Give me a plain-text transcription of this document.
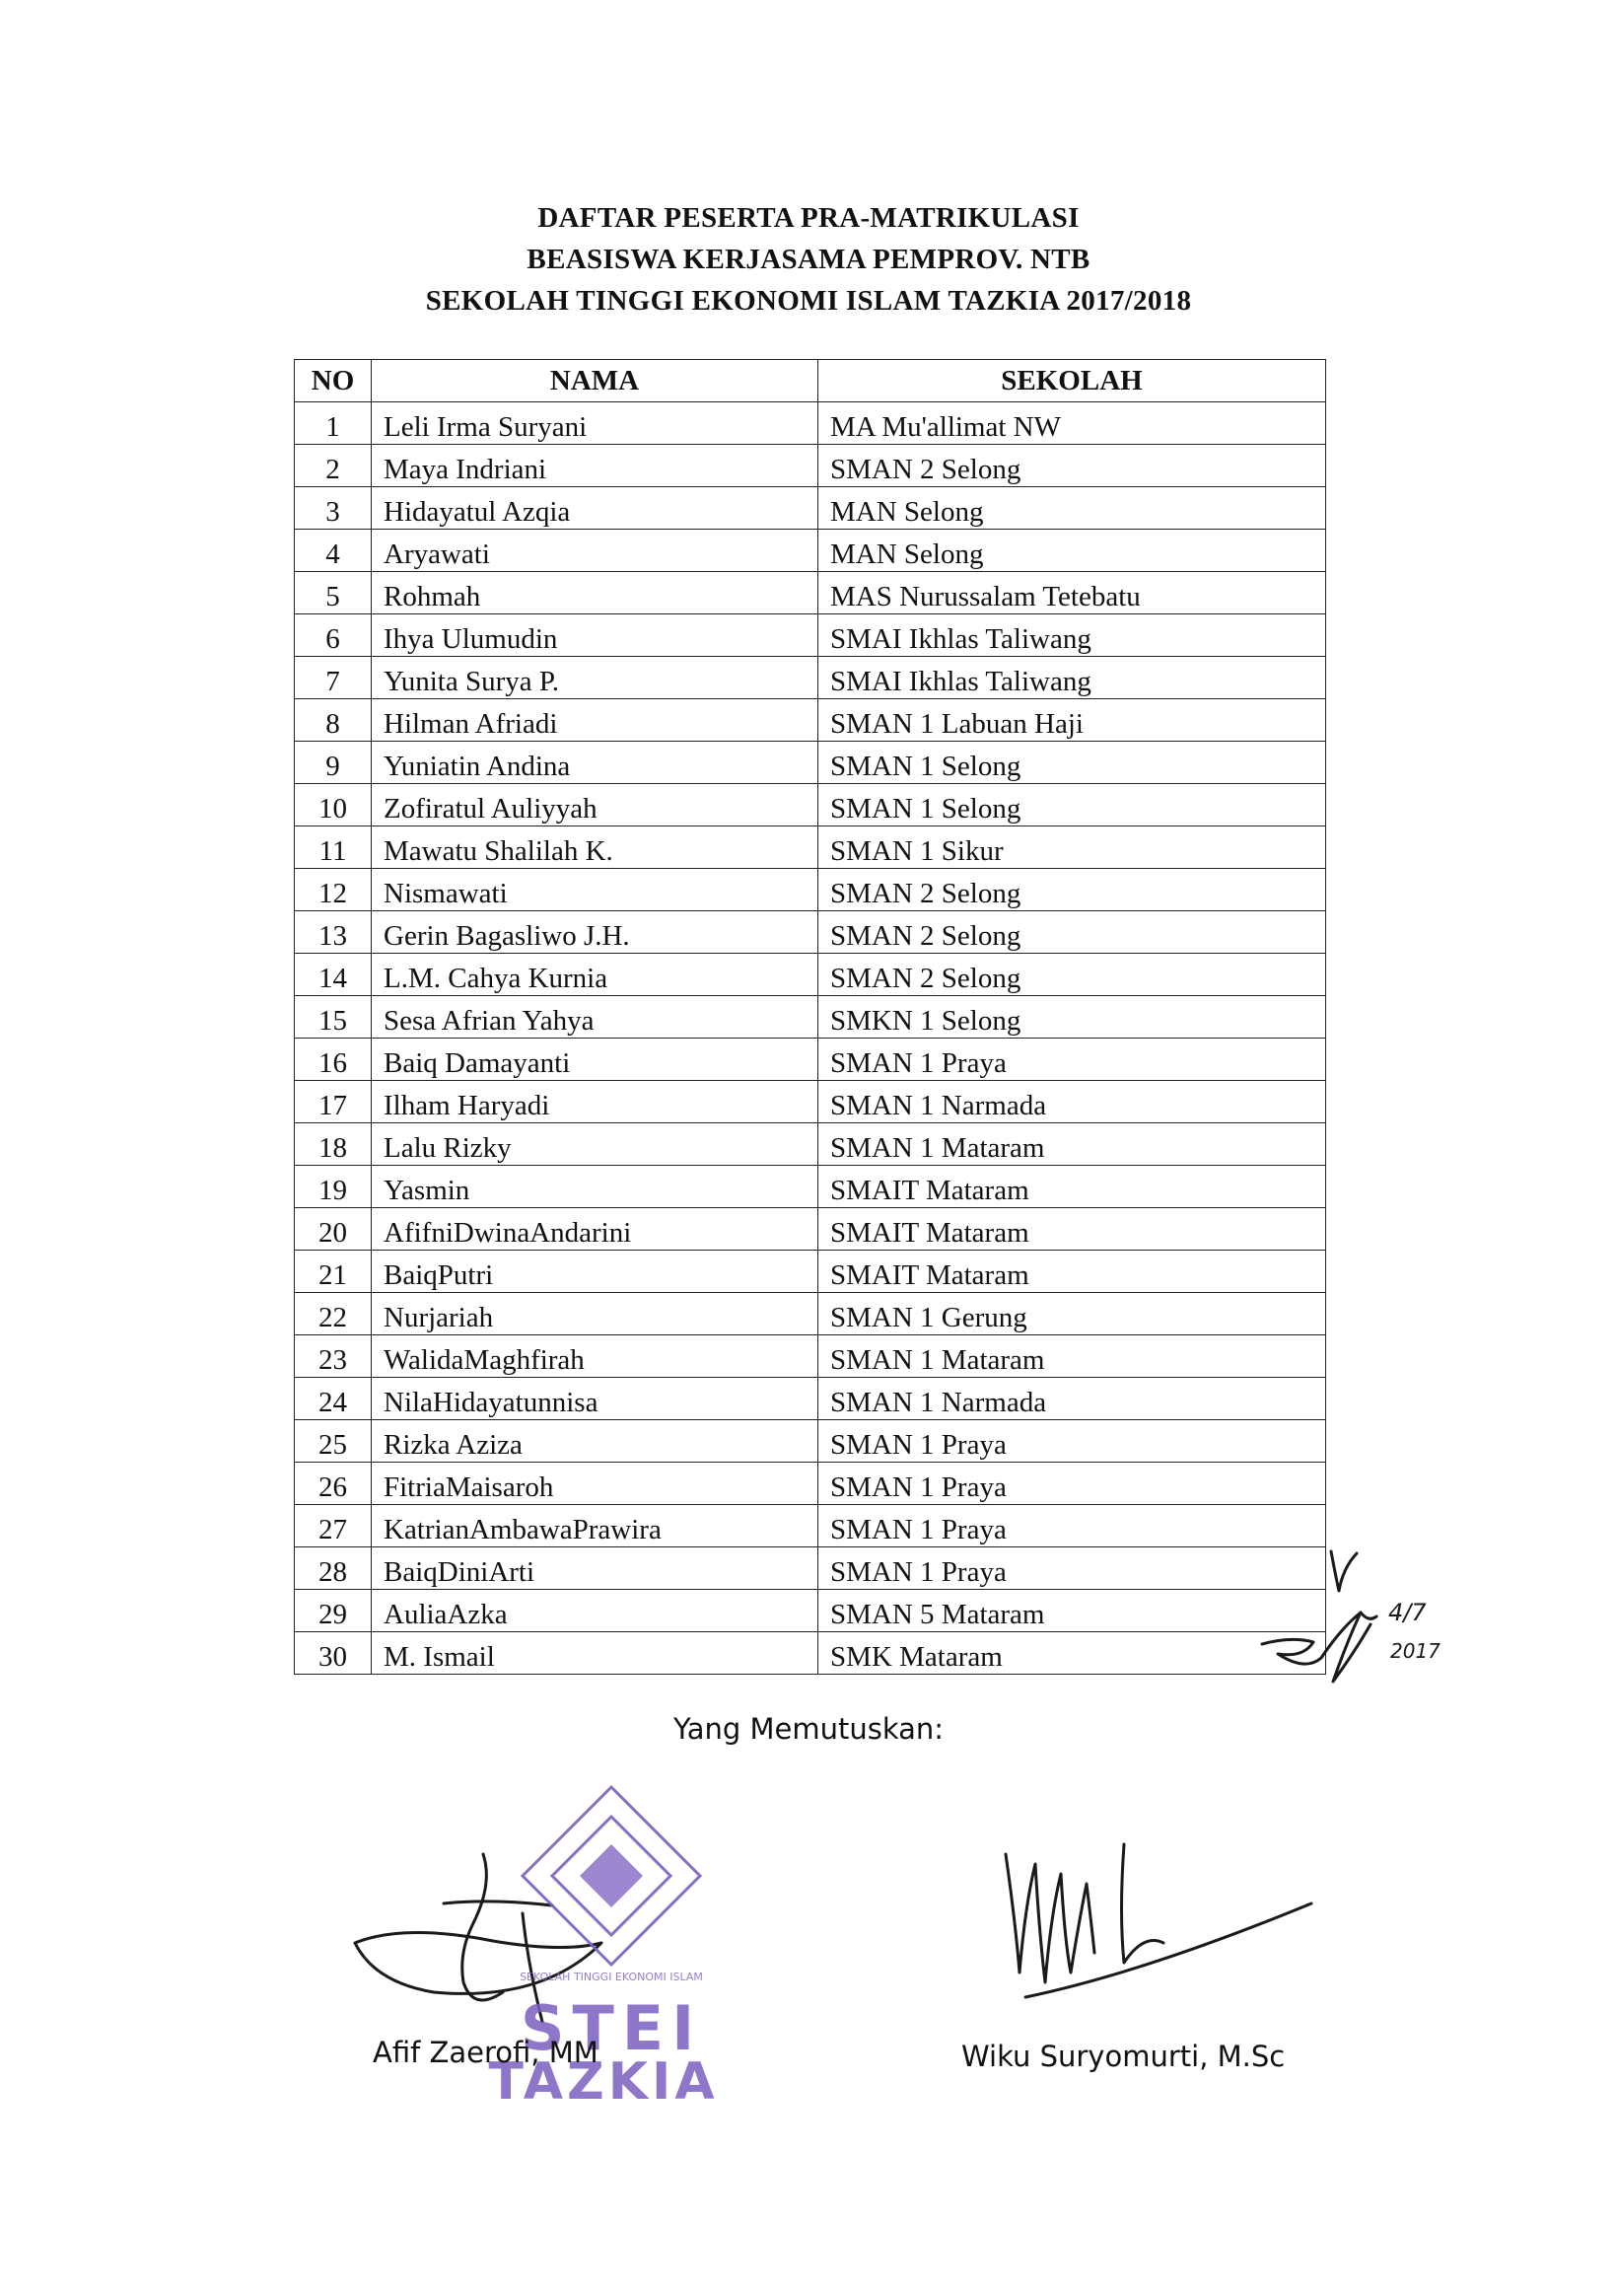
DAFTAR PESERTA PRA-MATRIKULASI
BEASISWA KERJASAMA PEMPROV. NTB
SEKOLAH TINGGI EKONOMI ISLAM TAZKIA 2017/2018
NO	NAMA	SEKOLAH
1	Leli Irma Suryani	MA Mu'allimat NW
2	Maya Indriani	SMAN 2 Selong
3	Hidayatul Azqia	MAN Selong
4	Aryawati	MAN Selong
5	Rohmah	MAS Nurussalam Tetebatu
6	Ihya Ulumudin	SMAI Ikhlas Taliwang
7	Yunita Surya P.	SMAI Ikhlas Taliwang
8	Hilman Afriadi	SMAN 1 Labuan Haji
9	Yuniatin Andina	SMAN 1 Selong
10	Zofiratul Auliyyah	SMAN 1 Selong
11	Mawatu Shalilah K.	SMAN 1 Sikur
12	Nismawati	SMAN 2 Selong
13	Gerin Bagasliwo J.H.	SMAN 2 Selong
14	L.M. Cahya Kurnia	SMAN 2 Selong
15	Sesa Afrian Yahya	SMKN 1 Selong
16	Baiq Damayanti	SMAN 1 Praya
17	Ilham Haryadi	SMAN 1 Narmada
18	Lalu Rizky	SMAN 1 Mataram
19	Yasmin	SMAIT Mataram
20	AfifniDwinaAndarini	SMAIT Mataram
21	BaiqPutri	SMAIT Mataram
22	Nurjariah	SMAN 1 Gerung
23	WalidaMaghfirah	SMAN 1 Mataram
24	NilaHidayatunnisa	SMAN 1 Narmada
25	Rizka Aziza	SMAN 1 Praya
26	FitriaMaisaroh	SMAN 1 Praya
27	KatrianAmbawaPrawira	SMAN 1 Praya
28	BaiqDiniArti	SMAN 1 Praya
29	AuliaAzka	SMAN 5 Mataram
30	M. Ismail	SMK Mataram
4/7
2017
Yang Memutuskan:
STEI
TAZKIA
SEKOLAH TINGGI EKONOMI ISLAM
Afif Zaerofi, MM	Wiku Suryomurti, M.Sc
